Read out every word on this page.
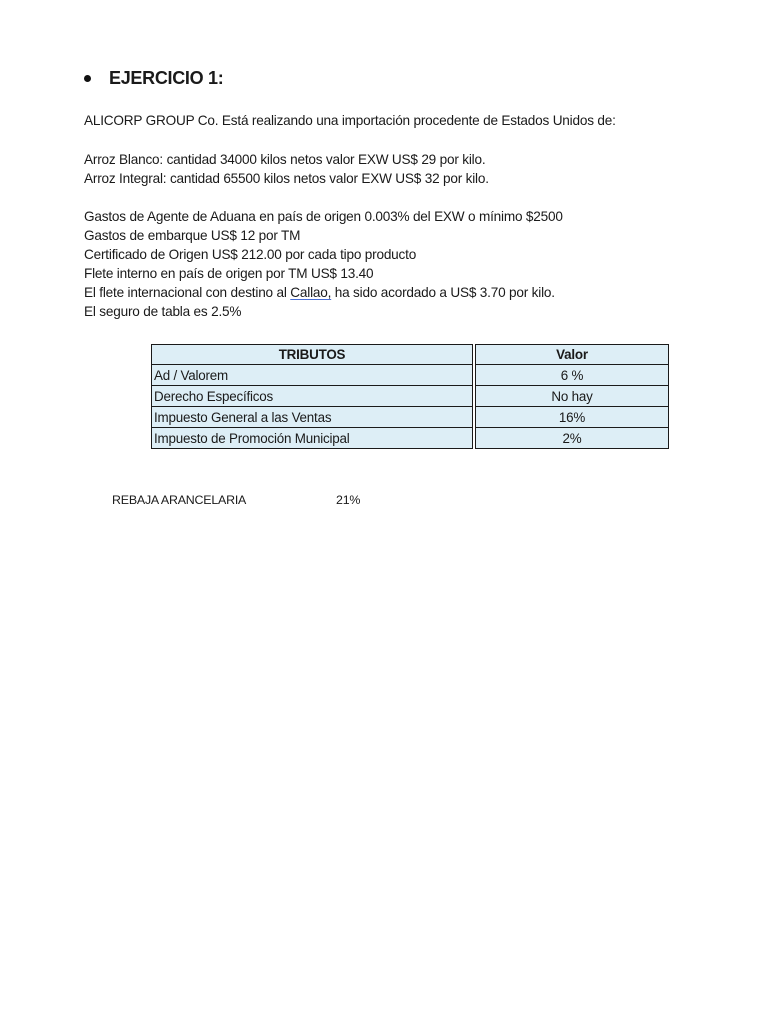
EJERCICIO 1:
ALICORP GROUP Co. Está realizando una importación procedente de Estados Unidos de:
Arroz Blanco: cantidad 34000 kilos netos valor EXW US$ 29 por kilo.
Arroz Integral: cantidad 65500 kilos netos valor EXW US$ 32 por kilo.
Gastos de Agente de Aduana en país de origen 0.003% del EXW o mínimo $2500
Gastos de embarque US$ 12 por TM
Certificado de Origen US$ 212.00 por cada tipo producto
Flete interno en país de origen por TM US$ 13.40
El flete internacional con destino al Callao, ha sido acordado a US$ 3.70 por kilo.
El seguro de tabla es 2.5%
TRIBUTOS	Valor
Ad / Valorem	6 %
Derecho Específicos	No hay
Impuesto General a las Ventas	16%
Impuesto de Promoción Municipal	2%
REBAJA ARANCELARIA	21%
